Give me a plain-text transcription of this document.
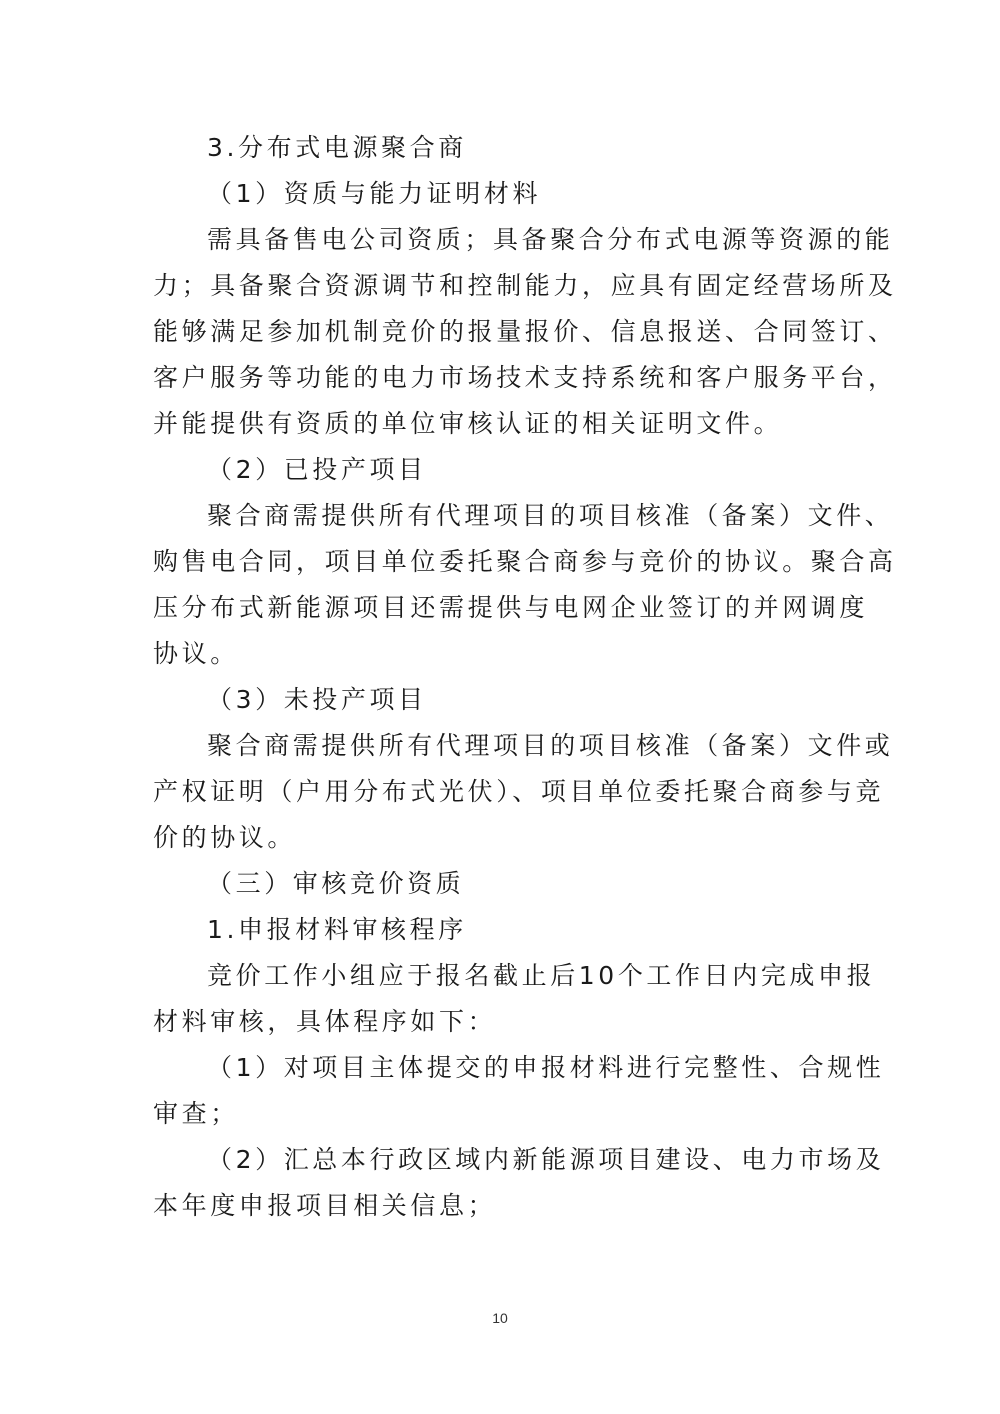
3.分布式电源聚合商

（1）资质与能力证明材料

需具备售电公司资质；具备聚合分布式电源等资源的能

力；具备聚合资源调节和控制能力，应具有固定经营场所及

能够满足参加机制竞价的报量报价、信息报送、合同签订、

客户服务等功能的电力市场技术支持系统和客户服务平台，

并能提供有资质的单位审核认证的相关证明文件。

（2）已投产项目

聚合商需提供所有代理项目的项目核准（备案）文件、

购售电合同，项目单位委托聚合商参与竞价的协议。聚合高

压分布式新能源项目还需提供与电网企业签订的并网调度

协议。

（3）未投产项目

聚合商需提供所有代理项目的项目核准（备案）文件或

产权证明（户用分布式光伏）、项目单位委托聚合商参与竞

价的协议。

（三）审核竞价资质

1.申报材料审核程序

竞价工作小组应于报名截止后10个工作日内完成申报

材料审核，具体程序如下：

（1）对项目主体提交的申报材料进行完整性、合规性

审查；

（2）汇总本行政区域内新能源项目建设、电力市场及

本年度申报项目相关信息；

10
